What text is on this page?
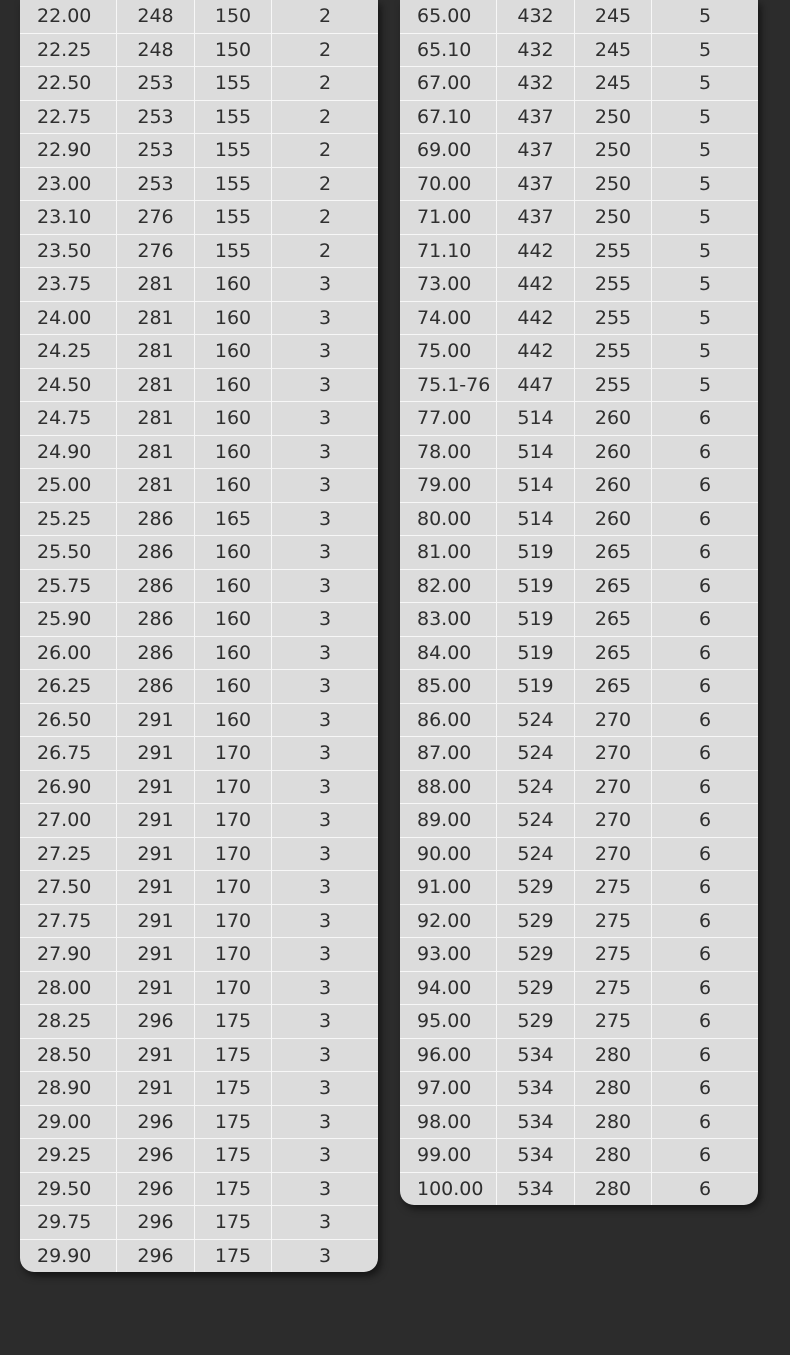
22.00	248	150	2
22.25	248	150	2
22.50	253	155	2
22.75	253	155	2
22.90	253	155	2
23.00	253	155	2
23.10	276	155	2
23.50	276	155	2
23.75	281	160	3
24.00	281	160	3
24.25	281	160	3
24.50	281	160	3
24.75	281	160	3
24.90	281	160	3
25.00	281	160	3
25.25	286	165	3
25.50	286	160	3
25.75	286	160	3
25.90	286	160	3
26.00	286	160	3
26.25	286	160	3
26.50	291	160	3
26.75	291	170	3
26.90	291	170	3
27.00	291	170	3
27.25	291	170	3
27.50	291	170	3
27.75	291	170	3
27.90	291	170	3
28.00	291	170	3
28.25	296	175	3
28.50	291	175	3
28.90	291	175	3
29.00	296	175	3
29.25	296	175	3
29.50	296	175	3
29.75	296	175	3
29.90	296	175	3
65.00	432	245	5
65.10	432	245	5
67.00	432	245	5
67.10	437	250	5
69.00	437	250	5
70.00	437	250	5
71.00	437	250	5
71.10	442	255	5
73.00	442	255	5
74.00	442	255	5
75.00	442	255	5
75.1-76	447	255	5
77.00	514	260	6
78.00	514	260	6
79.00	514	260	6
80.00	514	260	6
81.00	519	265	6
82.00	519	265	6
83.00	519	265	6
84.00	519	265	6
85.00	519	265	6
86.00	524	270	6
87.00	524	270	6
88.00	524	270	6
89.00	524	270	6
90.00	524	270	6
91.00	529	275	6
92.00	529	275	6
93.00	529	275	6
94.00	529	275	6
95.00	529	275	6
96.00	534	280	6
97.00	534	280	6
98.00	534	280	6
99.00	534	280	6
100.00	534	280	6
